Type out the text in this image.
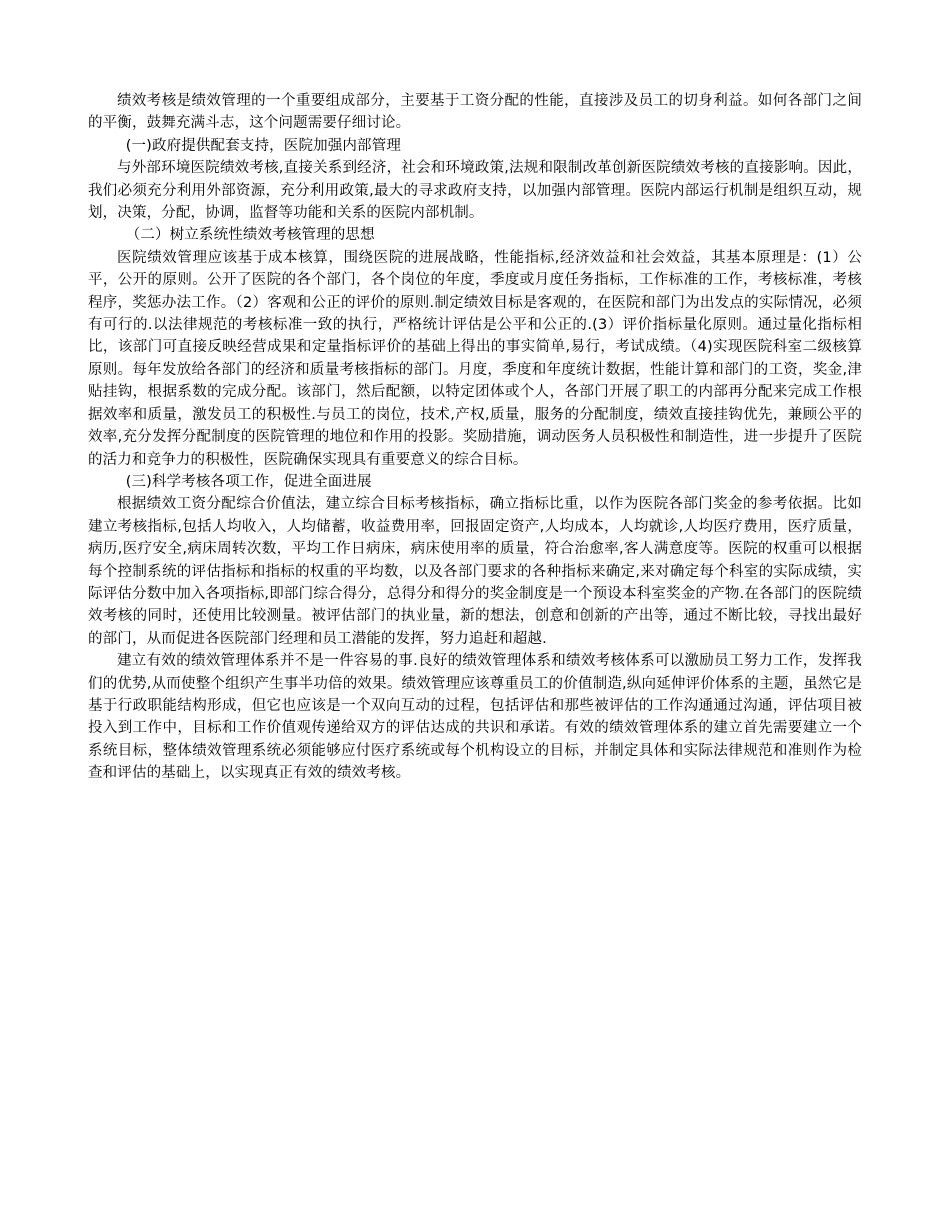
绩效考核是绩效管理的一个重要组成部分，主要基于工资分配的性能，直接涉及员工的切身利益。如何各部门之间的平衡，鼓舞充满斗志，这个问题需要仔细讨论。

(一)政府提供配套支持，医院加强内部管理

与外部环境医院绩效考核,直接关系到经济，社会和环境政策,法规和限制改革创新医院绩效考核的直接影响。因此，我们必须充分利用外部资源，充分利用政策,最大的寻求政府支持，以加强内部管理。医院内部运行机制是组织互动，规划，决策，分配，协调，监督等功能和关系的医院内部机制。

（二）树立系统性绩效考核管理的思想

医院绩效管理应该基于成本核算，围绕医院的进展战略，性能指标,经济效益和社会效益，其基本原理是：(1）公平，公开的原则。公开了医院的各个部门，各个岗位的年度，季度或月度任务指标，工作标准的工作，考核标准，考核程序，奖惩办法工作。（2）客观和公正的评价的原则.制定绩效目标是客观的，在医院和部门为出发点的实际情况，必须有可行的.以法律规范的考核标准一致的执行，严格统计评估是公平和公正的.(3）评价指标量化原则。通过量化指标相比，该部门可直接反映经营成果和定量指标评价的基础上得出的事实简单,易行，考试成绩。（4)实现医院科室二级核算原则。每年发放给各部门的经济和质量考核指标的部门。月度，季度和年度统计数据，性能计算和部门的工资，奖金,津贴挂钩，根据系数的完成分配。该部门，然后配额，以特定团体或个人，各部门开展了职工的内部再分配来完成工作根据效率和质量，激发员工的积极性.与员工的岗位，技术,产权,质量，服务的分配制度，绩效直接挂钩优先，兼顾公平的效率,充分发挥分配制度的医院管理的地位和作用的投影。奖励措施，调动医务人员积极性和制造性，进一步提升了医院的活力和竞争力的积极性，医院确保实现具有重要意义的综合目标。

(三)科学考核各项工作，促进全面进展

根据绩效工资分配综合价值法，建立综合目标考核指标，确立指标比重，以作为医院各部门奖金的参考依据。比如建立考核指标,包括人均收入，人均储蓄，收益费用率，回报固定资产,人均成本，人均就诊,人均医疗费用，医疗质量，病历,医疗安全,病床周转次数，平均工作日病床，病床使用率的质量，符合治愈率,客人满意度等。医院的权重可以根据每个控制系统的评估指标和指标的权重的平均数，以及各部门要求的各种指标来确定,来对确定每个科室的实际成绩，实际评估分数中加入各项指标,即部门综合得分，总得分和得分的奖金制度是一个预设本科室奖金的产物.在各部门的医院绩效考核的同时，还使用比较测量。被评估部门的执业量，新的想法，创意和创新的产出等，通过不断比较，寻找出最好的部门，从而促进各医院部门经理和员工潜能的发挥，努力追赶和超越.

建立有效的绩效管理体系并不是一件容易的事.良好的绩效管理体系和绩效考核体系可以激励员工努力工作，发挥我们的优势,从而使整个组织产生事半功倍的效果。绩效管理应该尊重员工的价值制造,纵向延伸评价体系的主题，虽然它是基于行政职能结构形成，但它也应该是一个双向互动的过程，包括评估和那些被评估的工作沟通通过沟通，评估项目被投入到工作中，目标和工作价值观传递给双方的评估达成的共识和承诺。有效的绩效管理体系的建立首先需要建立一个系统目标，整体绩效管理系统必须能够应付医疗系统或每个机构设立的目标，并制定具体和实际法律规范和准则作为检查和评估的基础上，以实现真正有效的绩效考核。
